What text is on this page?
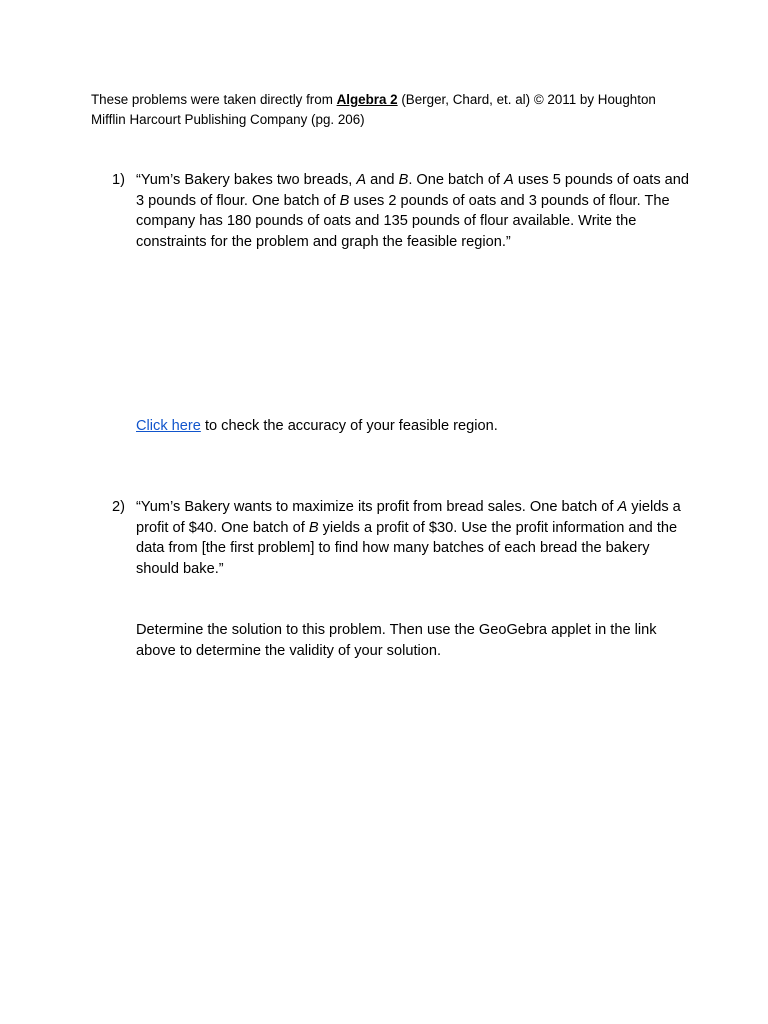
These problems were taken directly from Algebra 2 (Berger, Chard, et. al) © 2011 by Houghton Mifflin Harcourt Publishing Company (pg. 206)

1) “Yum’s Bakery bakes two breads, A and B. One batch of A uses 5 pounds of oats and 3 pounds of flour. One batch of B uses 2 pounds of oats and 3 pounds of flour. The company has 180 pounds of oats and 135 pounds of flour available. Write the constraints for the problem and graph the feasible region.”
Click here to check the accuracy of your feasible region.
2) “Yum’s Bakery wants to maximize its profit from bread sales. One batch of A yields a profit of $40. One batch of B yields a profit of $30. Use the profit information and the data from [the first problem] to find how many batches of each bread the bakery should bake.”
Determine the solution to this problem. Then use the GeoGebra applet in the link above to determine the validity of your solution.
